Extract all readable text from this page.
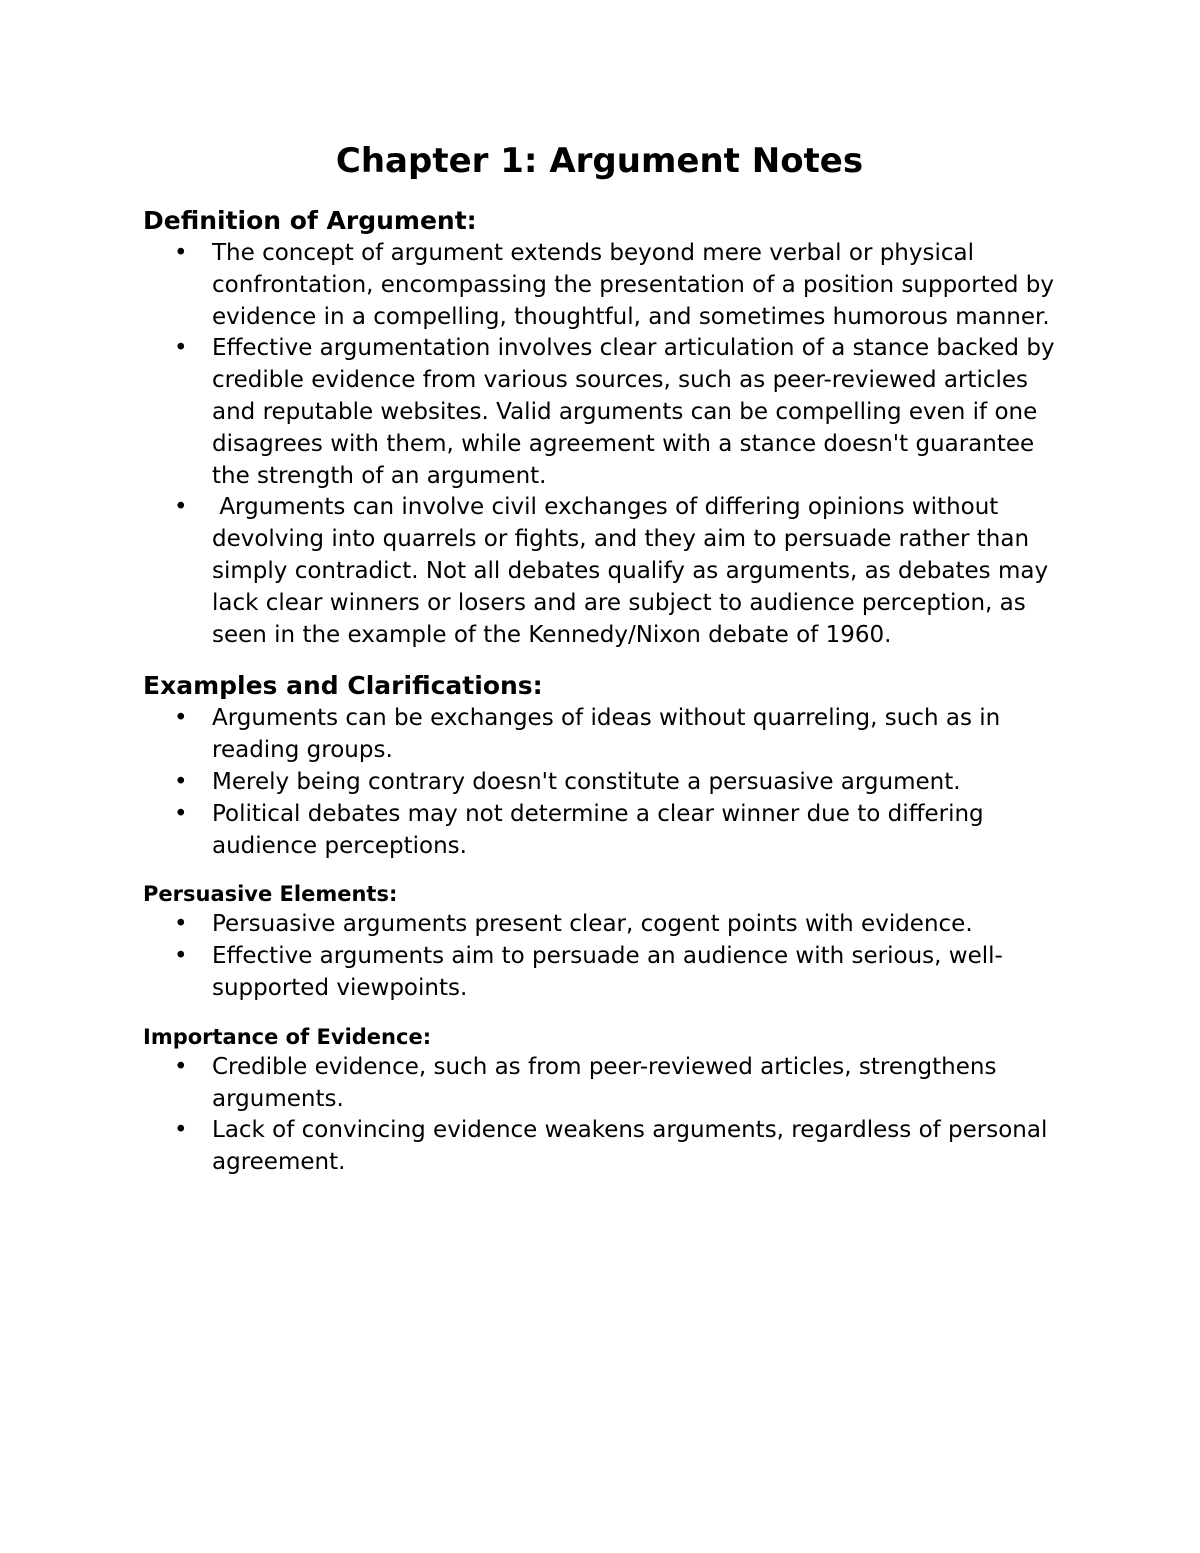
Chapter 1: Argument Notes
Definition of Argument:
• The concept of argument extends beyond mere verbal or physical confrontation, encompassing the presentation of a position supported by evidence in a compelling, thoughtful, and sometimes humorous manner.
• Effective argumentation involves clear articulation of a stance backed by credible evidence from various sources, such as peer-reviewed articles and reputable websites. Valid arguments can be compelling even if one disagrees with them, while agreement with a stance doesn't guarantee the strength of an argument.
• Arguments can involve civil exchanges of differing opinions without devolving into quarrels or fights, and they aim to persuade rather than simply contradict. Not all debates qualify as arguments, as debates may lack clear winners or losers and are subject to audience perception, as seen in the example of the Kennedy/Nixon debate of 1960.
Examples and Clarifications:
• Arguments can be exchanges of ideas without quarreling, such as in reading groups.
• Merely being contrary doesn't constitute a persuasive argument.
• Political debates may not determine a clear winner due to differing audience perceptions.
Persuasive Elements:
• Persuasive arguments present clear, cogent points with evidence.
• Effective arguments aim to persuade an audience with serious, well-supported viewpoints.
Importance of Evidence:
• Credible evidence, such as from peer-reviewed articles, strengthens arguments.
• Lack of convincing evidence weakens arguments, regardless of personal agreement.
